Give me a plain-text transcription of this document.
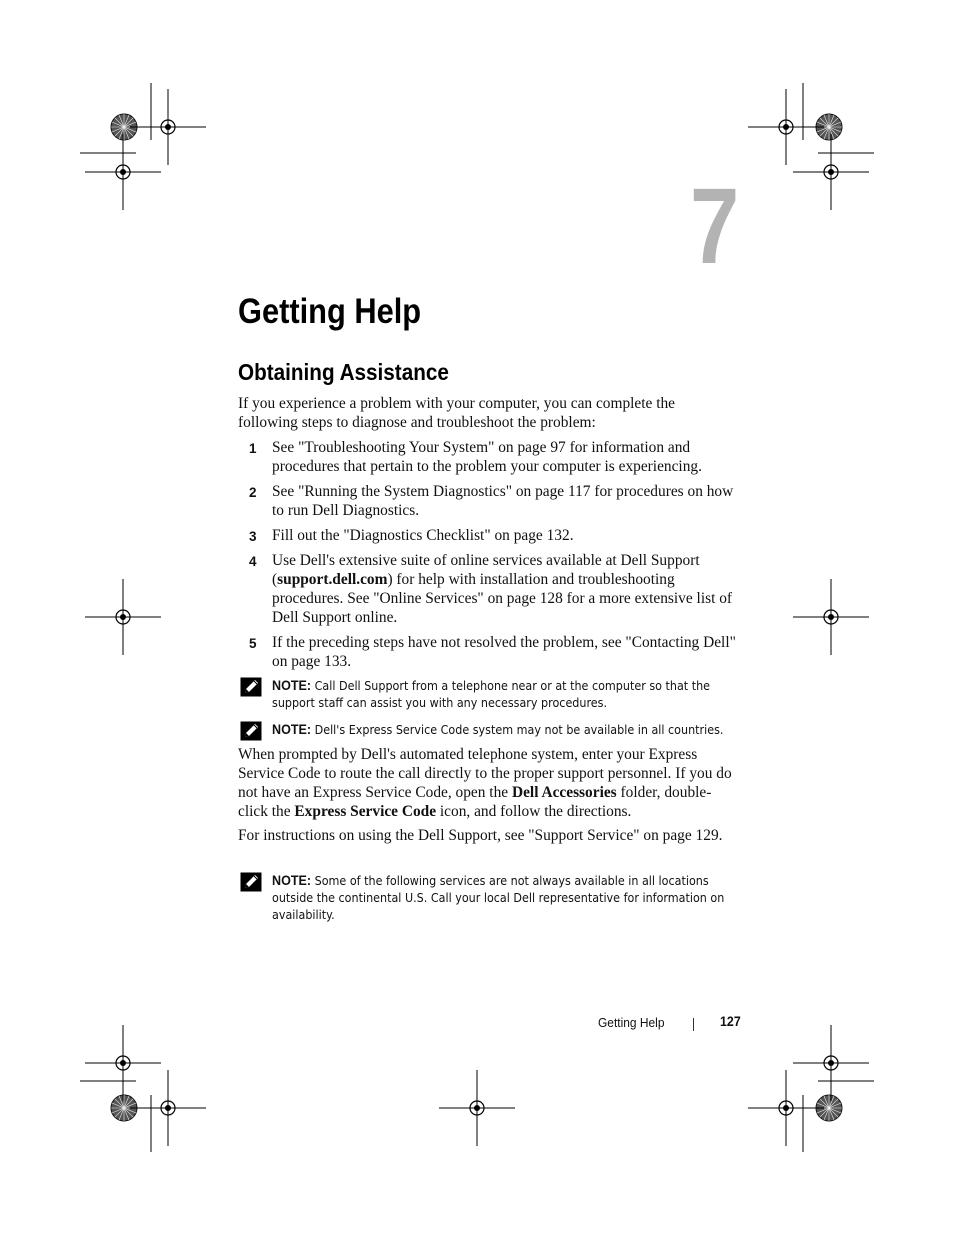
7
Getting Help
Obtaining Assistance

If you experience a problem with your computer, you can complete the following steps to diagnose and troubleshoot the problem:

1 See "Troubleshooting Your System" on page 97 for information and procedures that pertain to the problem your computer is experiencing.
2 See "Running the System Diagnostics" on page 117 for procedures on how to run Dell Diagnostics.
3 Fill out the "Diagnostics Checklist" on page 132.
4 Use Dell's extensive suite of online services available at Dell Support (support.dell.com) for help with installation and troubleshooting procedures. See "Online Services" on page 128 for a more extensive list of Dell Support online.
5 If the preceding steps have not resolved the problem, see "Contacting Dell" on page 133.

NOTE: Call Dell Support from a telephone near or at the computer so that the support staff can assist you with any necessary procedures.

NOTE: Dell's Express Service Code system may not be available in all countries.

When prompted by Dell's automated telephone system, enter your Express Service Code to route the call directly to the proper support personnel. If you do not have an Express Service Code, open the Dell Accessories folder, double-click the Express Service Code icon, and follow the directions.

For instructions on using the Dell Support, see "Support Service" on page 129.

NOTE: Some of the following services are not always available in all locations outside the continental U.S. Call your local Dell representative for information on availability.

Getting Help	127
